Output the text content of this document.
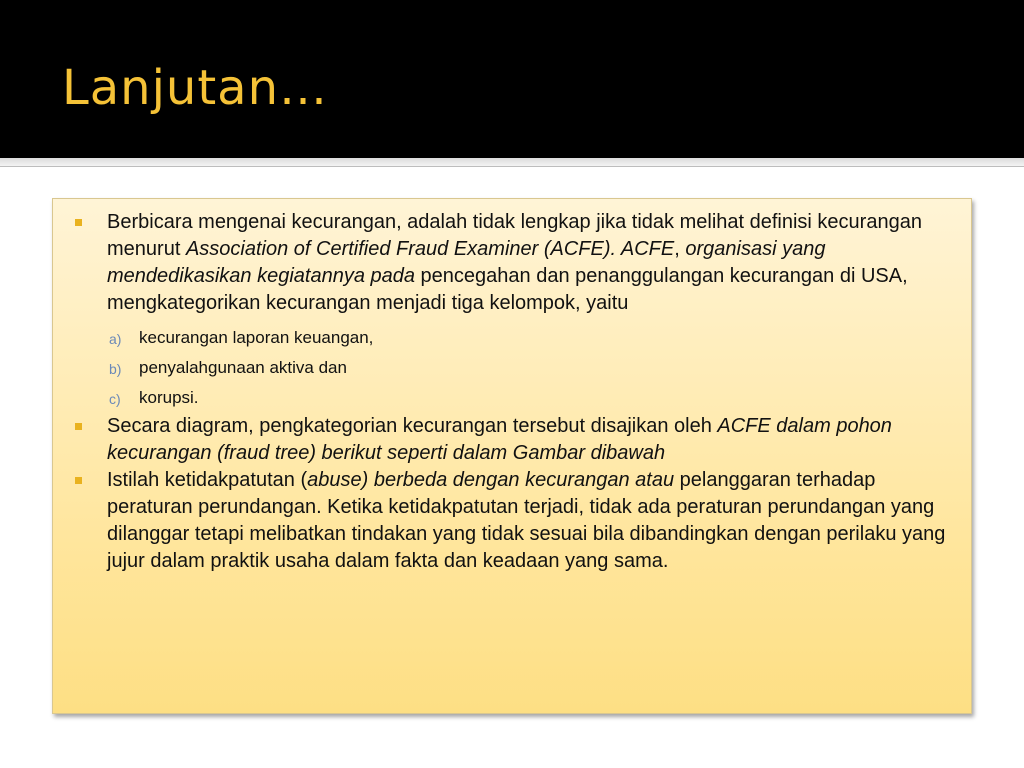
Lanjutan…
Berbicara mengenai kecurangan, adalah tidak lengkap jika tidak melihat definisi kecurangan menurut Association of Certified Fraud Examiner (ACFE). ACFE, organisasi yang mendedikasikan kegiatannya pada pencegahan dan penanggulangan kecurangan di USA, mengkategorikan kecurangan menjadi tiga kelompok, yaitu
a) kecurangan laporan keuangan,
b) penyalahgunaan aktiva dan
c) korupsi.
Secara diagram, pengkategorian kecurangan tersebut disajikan oleh ACFE dalam pohon kecurangan (fraud tree) berikut seperti dalam Gambar dibawah
Istilah ketidakpatutan (abuse) berbeda dengan kecurangan atau pelanggaran terhadap peraturan perundangan. Ketika ketidakpatutan terjadi, tidak ada peraturan perundangan yang dilanggar tetapi melibatkan tindakan yang tidak sesuai bila dibandingkan dengan perilaku yang jujur dalam praktik usaha dalam fakta dan keadaan yang sama.
